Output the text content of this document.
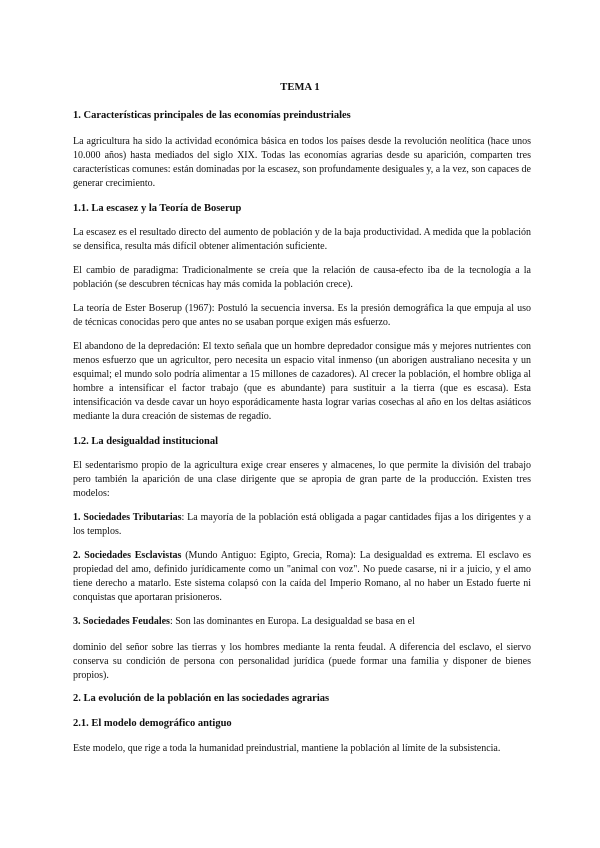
TEMA 1
1. Características principales de las economías preindustriales
La agricultura ha sido la actividad económica básica en todos los países desde la revolución neolítica (hace unos 10.000 años) hasta mediados del siglo XIX. Todas las economías agrarias desde su aparición, comparten tres características comunes: están dominadas por la escasez, son profundamente desiguales y, a la vez, son capaces de generar crecimiento.
1.1. La escasez y la Teoría de Boserup
La escasez es el resultado directo del aumento de población y de la baja productividad. A medida que la población se densifica, resulta más difícil obtener alimentación suficiente.
El cambio de paradigma: Tradicionalmente se creía que la relación de causa-efecto iba de la tecnología a la población (se descubren técnicas hay más comida la población crece).
La teoría de Ester Boserup (1967): Postuló la secuencia inversa. Es la presión demográfica la que empuja al uso de técnicas conocidas pero que antes no se usaban porque exigen más esfuerzo.
El abandono de la depredación: El texto señala que un hombre depredador consigue más y mejores nutrientes con menos esfuerzo que un agricultor, pero necesita un espacio vital inmenso (un aborigen australiano necesita y un esquimal; el mundo solo podría alimentar a 15 millones de cazadores). Al crecer la población, el hombre obliga al hombre a intensificar el factor trabajo (que es abundante) para sustituir a la tierra (que es escasa). Esta intensificación va desde cavar un hoyo esporádicamente hasta lograr varias cosechas al año en los deltas asiáticos mediante la dura creación de sistemas de regadío.
1.2. La desigualdad institucional
El sedentarismo propio de la agricultura exige crear enseres y almacenes, lo que permite la división del trabajo pero también la aparición de una clase dirigente que se apropia de gran parte de la producción. Existen tres modelos:
1. Sociedades Tributarias: La mayoría de la población está obligada a pagar cantidades fijas a los dirigentes y a los templos.
2. Sociedades Esclavistas (Mundo Antiguo: Egipto, Grecia, Roma): La desigualdad es extrema. El esclavo es propiedad del amo, definido jurídicamente como un "animal con voz". No puede casarse, ni ir a juicio, y el amo tiene derecho a matarlo. Este sistema colapsó con la caída del Imperio Romano, al no haber un Estado fuerte ni conquistas que aportaran prisioneros.
3. Sociedades Feudales: Son las dominantes en Europa. La desigualdad se basa en el
dominio del señor sobre las tierras y los hombres mediante la renta feudal. A diferencia del esclavo, el siervo conserva su condición de persona con personalidad jurídica (puede formar una familia y disponer de bienes propios).
2. La evolución de la población en las sociedades agrarias
2.1. El modelo demográfico antiguo
Este modelo, que rige a toda la humanidad preindustrial, mantiene la población al límite de la subsistencia.
